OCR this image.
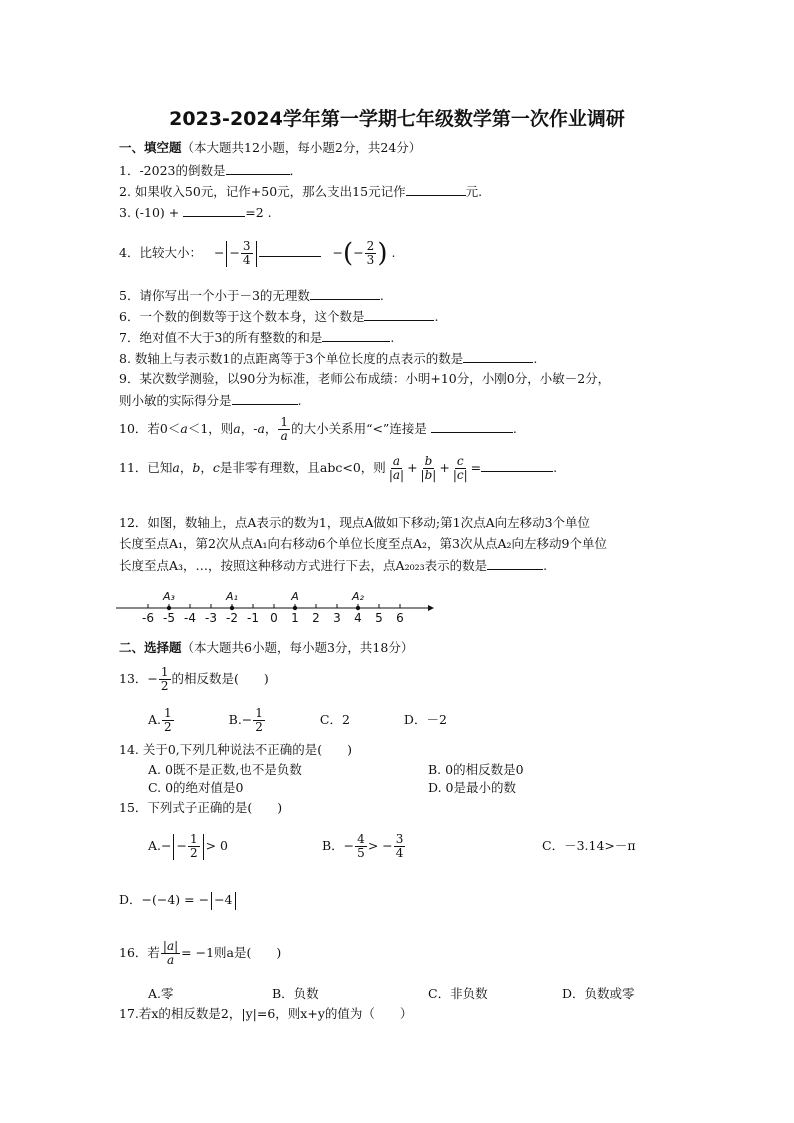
2023-2024学年第一学期七年级数学第一次作业调研
一、填空题（本大题共12小题，每小题2分，共24分）
1．-2023的倒数是	．
2. 如果收入50元，记作+50元，那么支出15元记作	元.
3. (-10) +	=2 .
4．比较大小： − − $\frac{3}{4}$	−(− $\frac{2}{3}$ ) .
5．请你写出一个小于－3的无理数	.
6．一个数的倒数等于这个数本身，这个数是	.
7．绝对值不大于3的所有整数的和是	.
8. 数轴上与表示数1的点距离等于3个单位长度的点表示的数是	.
9．某次数学测验，以90分为标准，老师公布成绩：小明+10分，小刚0分，小敏－2分，
则小敏的实际得分是	.
10．若0＜a＜1，则a，-a， $\frac{1}{a}$ 的大小关系用“<”连接是	.
11．已知a，b，c是非零有理数，且abc<0，则 $\frac{a}{|a|} + \frac{b}{|b|} + \frac{c}{|c|}$ =	.
12．如图，数轴上，点A表示的数为1，现点A做如下移动;第1次点A向左移动3个单位
长度至点A₁，第2次从点A₁向右移动6个单位长度至点A₂，第3次从点A₂向左移动9个单位
长度至点A₃，…，按照这种移动方式进行下去，点A₂₀₂₃表示的数是	.
-6 -5 -4 -3 -2 -1 0 1 2 3 4 5 6
A₃	A₁	A	A₂
二、选择题（本大题共6小题，每小题3分，共18分）
13．− $\frac{1}{2}$ 的相反数是(　　)
A. $\frac{1}{2}$	$B.- \frac{1}{2}$	C．2	D．－2
14. 关于0,下列几种说法不正确的是(　　)
A. 0既不是正数,也不是负数	B. 0的相反数是0
C. 0的绝对值是0	D. 0是最小的数
15．下列式子正确的是(　　)
$A.- - \frac{1}{2} > 0$	B．− $\frac{4}{5}$ > − $\frac{3}{4}$	C．－3.14>－π
D．−(−4) = − −4
16．若 $\frac{|a|}{a} = -1$则a是(　　)
A.零	B．负数	C．非负数	D．负数或零
17.若x的相反数是2，|y|=6，则x+y的值为（　　）
